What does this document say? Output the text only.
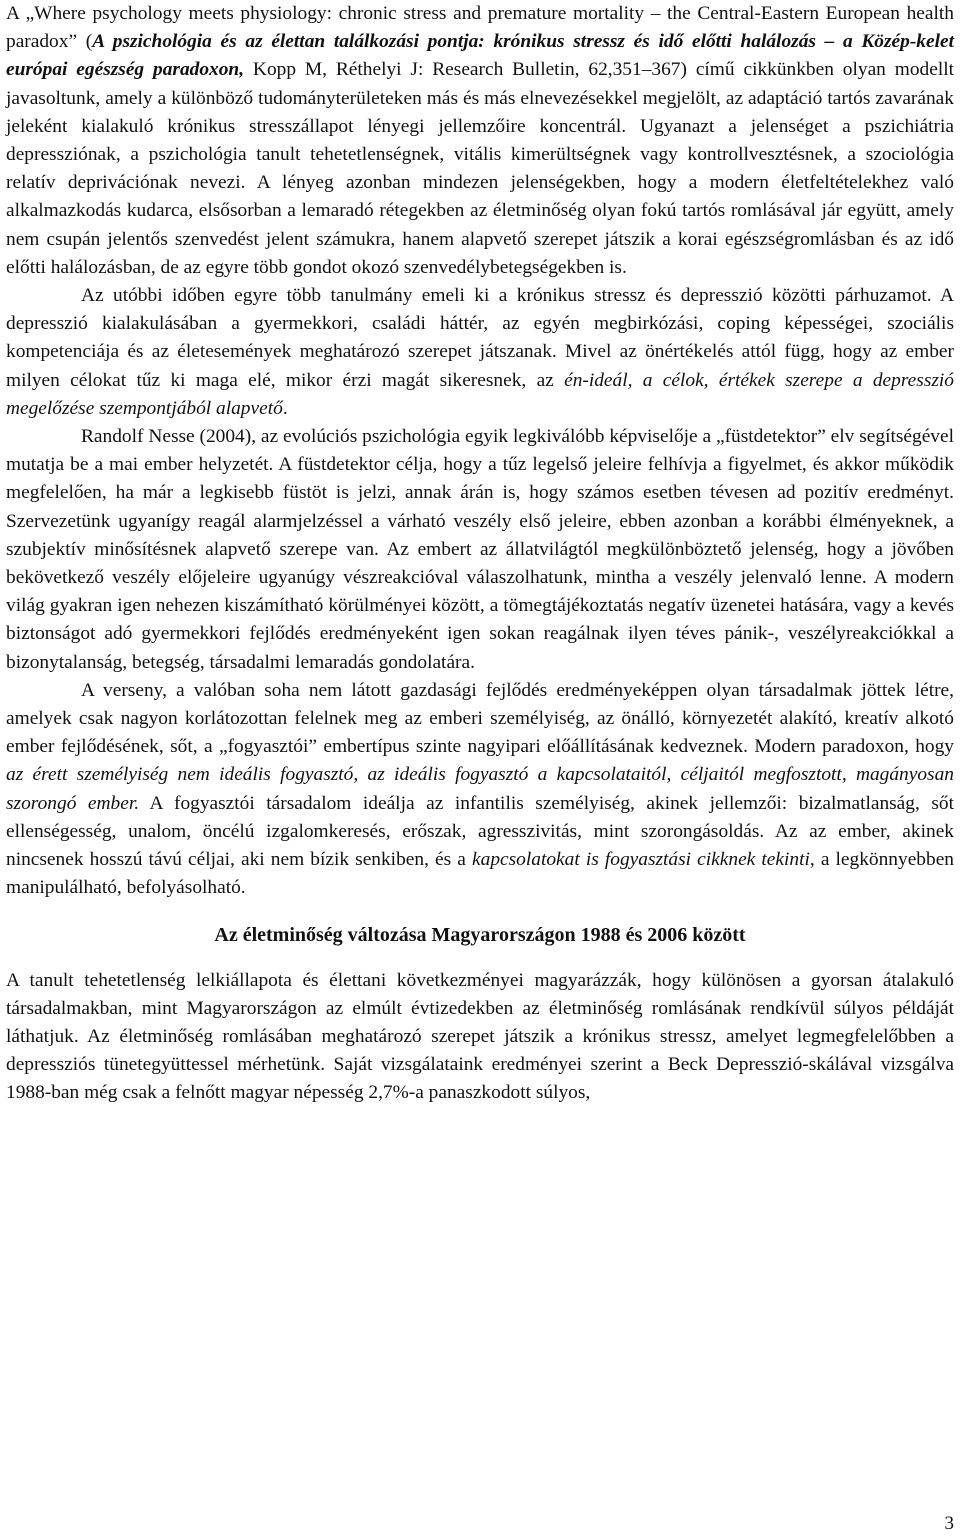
A „Where psychology meets physiology: chronic stress and premature mortality – the Central-Eastern European health paradox” (A pszichológia és az élettan találkozási pontja: krónikus stressz és idő előtti halálozás – a Közép-kelet európai egészség paradoxon, Kopp M, Réthelyi J: Research Bulletin, 62,351–367) című cikkünkben olyan modellt javasoltunk, amely a különböző tudományterületeken más és más elnevezésekkel megjelölt, az adaptáció tartós zavarának jeleként kialakuló krónikus stresszállapot lényegi jellemzőire koncentrál. Ugyanazt a jelenséget a pszichiátria depressziónak, a pszichológia tanult tehetetlenségnek, vitális kimerültségnek vagy kontrollvesztésnek, a szociológia relatív deprivációnak nevezi. A lényeg azonban mindezen jelenségekben, hogy a modern életfeltételekhez való alkalmazkodás kudarca, elsősorban a lemaradó rétegekben az életminőség olyan fokú tartós romlásával jár együtt, amely nem csupán jelentős szenvedést jelent számukra, hanem alapvető szerepet játszik a korai egészségromlásban és az idő előtti halálozásban, de az egyre több gondot okozó szenvedélybetegségekben is.

Az utóbbi időben egyre több tanulmány emeli ki a krónikus stressz és depresszió közötti párhuzamot. A depresszió kialakulásában a gyermekkori, családi háttér, az egyén megbirkózási, coping képességei, szociális kompetenciája és az életesemények meghatározó szerepet játszanak. Mivel az önértékelés attól függ, hogy az ember milyen célokat tűz ki maga elé, mikor érzi magát sikeresnek, az én-ideál, a célok, értékek szerepe a depresszió megelőzése szempontjából alapvető.

Randolf Nesse (2004), az evolúciós pszichológia egyik legkiválóbb képviselője a „füstdetektor” elv segítségével mutatja be a mai ember helyzetét. A füstdetektor célja, hogy a tűz legelső jeleire felhívja a figyelmet, és akkor működik megfelelően, ha már a legkisebb füstöt is jelzi, annak árán is, hogy számos esetben tévesen ad pozitív eredményt. Szervezetünk ugyanígy reagál alarmjelzéssel a várható veszély első jeleire, ebben azonban a korábbi élményeknek, a szubjektív minősítésnek alapvető szerepe van. Az embert az állatvilágtól megkülönböztető jelenség, hogy a jövőben bekövetkező veszély előjeleire ugyanúgy vészreakcióval válaszolhatunk, mintha a veszély jelenvaló lenne. A modern világ gyakran igen nehezen kiszámítható körülményei között, a tömegtájékoztatás negatív üzenetei hatására, vagy a kevés biztonságot adó gyermekkori fejlődés eredményeként igen sokan reagálnak ilyen téves pánik-, veszélyreakciókkal a bizonytalanság, betegség, társadalmi lemaradás gondolatára.

A verseny, a valóban soha nem látott gazdasági fejlődés eredményeképpen olyan társadalmak jöttek létre, amelyek csak nagyon korlátozottan felelnek meg az emberi személyiség, az önálló, környezetét alakító, kreatív alkotó ember fejlődésének, sőt, a „fogyasztói” embertípus szinte nagyipari előállításának kedveznek. Modern paradoxon, hogy az érett személyiség nem ideális fogyasztó, az ideális fogyasztó a kapcsolataitól, céljaitól megfosztott, magányosan szorongó ember. A fogyasztói társadalom ideálja az infantilis személyiség, akinek jellemzői: bizalmatlanság, sőt ellenségesség, unalom, öncélú izgalomkeresés, erőszak, agresszivitás, mint szorongásoldás. Az az ember, akinek nincsenek hosszú távú céljai, aki nem bízik senkiben, és a kapcsolatokat is fogyasztási cikknek tekinti, a legkönnyebben manipulálható, befolyásolható.

Az életminőség változása Magyarországon 1988 és 2006 között

A tanult tehetetlenség lelkiállapota és élettani következményei magyarázzák, hogy különösen a gyorsan átalakuló társadalmakban, mint Magyarországon az elmúlt évtizedekben az életminőség romlásának rendkívül súlyos példáját láthatjuk. Az életminőség romlásában meghatározó szerepet játszik a krónikus stressz, amelyet legmegfelelőbben a depressziós tünetegyüttessel mérhetünk. Saját vizsgálataink eredményei szerint a Beck Depresszió-skálával vizsgálva 1988-ban még csak a felnőtt magyar népesség 2,7%-a panaszkodott súlyos,

3
